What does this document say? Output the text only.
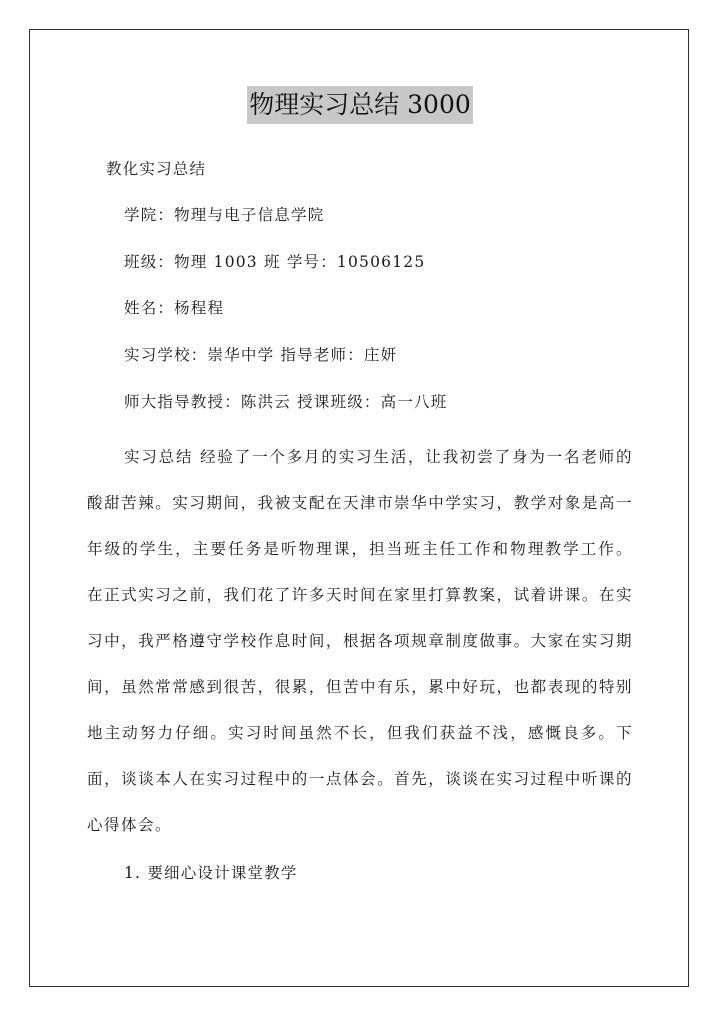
物理实习总结 3000
教化实习总结
学院：物理与电子信息学院
班级：物理 1003 班 学号：10506125
姓名：杨程程
实习学校：崇华中学 指导老师：庄妍
师大指导教授：陈洪云 授课班级：高一八班

实习总结 经验了一个多月的实习生活，让我初尝了身为一名老师的酸甜苦辣。实习期间，我被支配在天津市崇华中学实习，教学对象是高一年级的学生，主要任务是听物理课，担当班主任工作和物理教学工作。 在正式实习之前，我们花了许多天时间在家里打算教案，试着讲课。在实习中，我严格遵守学校作息时间，根据各项规章制度做事。大家在实习期间，虽然常常感到很苦，很累，但苦中有乐，累中好玩，也都表现的特别地主动努力仔细。实习时间虽然不长，但我们获益不浅，感慨良多。下面，谈谈本人在实习过程中的一点体会。首先，谈谈在实习过程中听课的心得体会。

1. 要细心设计课堂教学
